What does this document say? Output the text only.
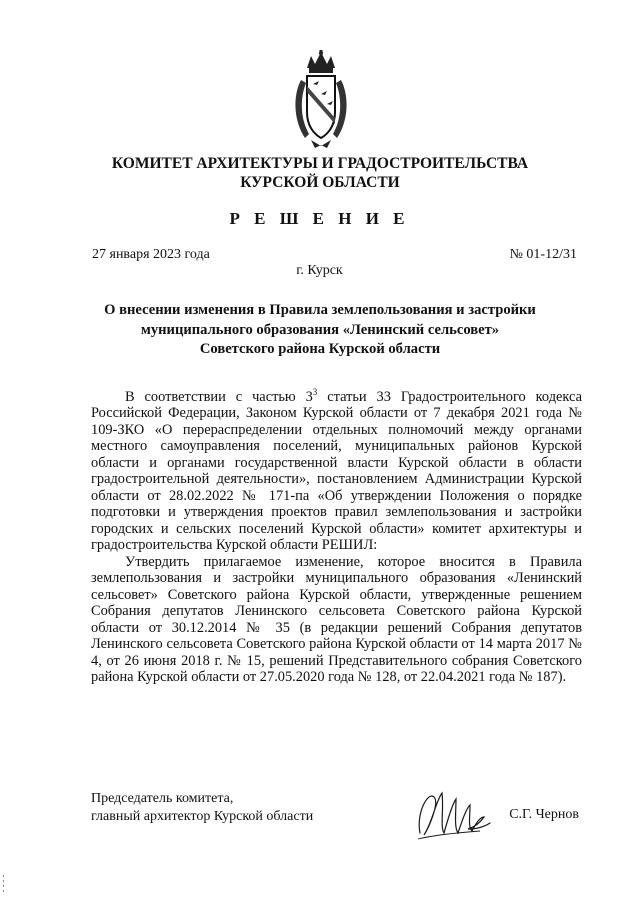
КОМИТЕТ АРХИТЕКТУРЫ И ГРАДОСТРОИТЕЛЬСТВА
КУРСКОЙ ОБЛАСТИ
Р Е Ш Е Н И Е
27 января 2023 года	№ 01-12/31
г. Курск
О внесении изменения в Правила землепользования и застройки
муниципального образования «Ленинский сельсовет»
Советского района Курской области

В соответствии с частью $3^3$ статьи 33 Градостроительного кодекса Российской Федерации, Законом Курской области от 7 декабря 2021 года № 109-ЗКО «О перераспределении отдельных полномочий между органами местного самоуправления поселений, муниципальных районов Курской области и органами государственной власти Курской области в области градостроительной деятельности», постановлением Администрации Курской области от 28.02.2022 № 171-па «Об утверждении Положения о порядке подготовки и утверждения проектов правил землепользования и застройки городских и сельских поселений Курской области» комитет архитектуры и градостроительства Курской области РЕШИЛ:

Утвердить прилагаемое изменение, которое вносится в Правила землепользования и застройки муниципального образования «Ленинский сельсовет» Советского района Курской области, утвержденные решением Собрания депутатов Ленинского сельсовета Советского района Курской области от 30.12.2014 № 35 (в редакции решений Собрания депутатов Ленинского сельсовета Советского района Курской области от 14 марта 2017 № 4, от 26 июня 2018 г. № 15, решений Представительного собрания Советского района Курской области от 27.05.2020 года № 128, от 22.04.2021 года № 187).

Председатель комитета,
главный архитектор Курской области	С.Г. Чернов
